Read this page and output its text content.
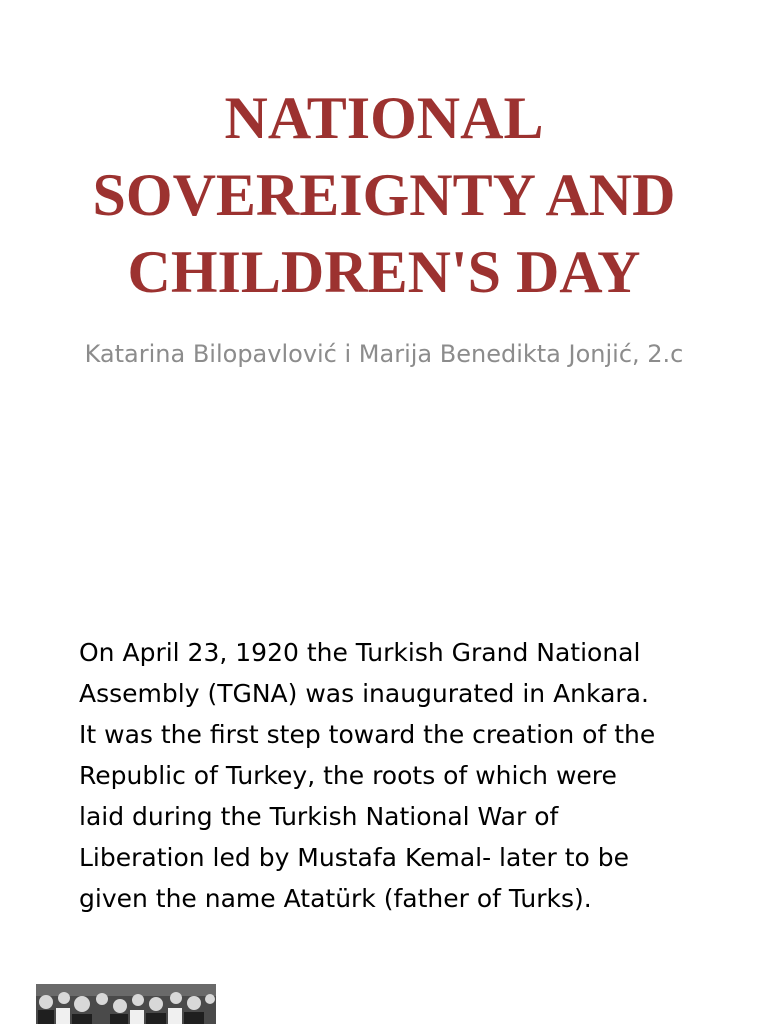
NATIONAL
SOVEREIGNTY AND
CHILDREN'S DAY

Katarina Bilopavlović i Marija Benedikta Jonjić, 2.c

On April 23, 1920 the Turkish Grand National
Assembly (TGNA) was inaugurated in Ankara.
It was the first step toward the creation of the
Republic of Turkey, the roots of which were
laid during the Turkish National War of
Liberation led by Mustafa Kemal- later to be
given the name Atatürk (father of Turks).
